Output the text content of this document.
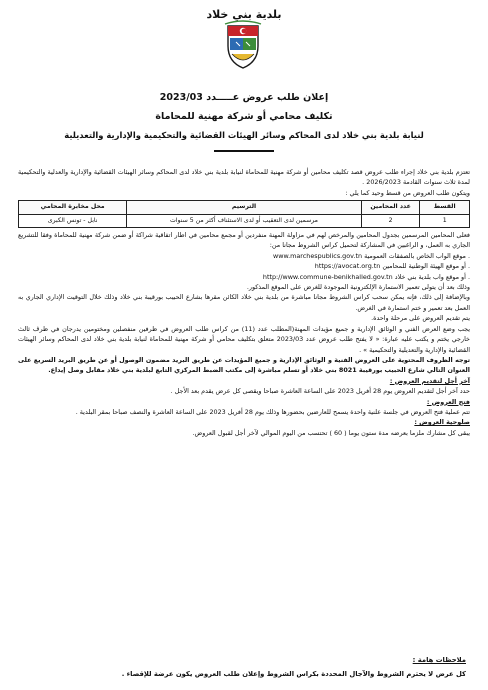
بلدية بني خلاد
إعلان طلب عروض عـــــدد 2023/03
تكليف محامي أو شركة مهنية للمحاماة
لنيابة بلدية بني خلاد لدى المحاكم وسائر الهيئات القضائية والتحكيمية والإدارية والتعديلية

تعتزم بلدية بني خلاد إجراء طلب عروض قصد تكليف محامين أو شركة مهنية للمحاماة لنيابة بلدية بني خلاد لدى المحاكم وسائر الهيئات القضائية والإدارية والعدلية والتحكيمية لمدة ثلاث سنوات القادمة 2026/2023 .

ويتكون طلب العروض من قسط وحيد كما يلي :

القسط	عدد المحامين	الترسيم	محل مخابرة المحامي
1	2	مرسمين لدى التعقيب أو لدى الاستئناف أكثر من 5 سنوات	نابل - تونس الكبرى

فعلى المحامين المرسمين بجدول المحامين والمرخص لهم في مزاولة المهنة منفردين أو مجمع محامين في اطار اتفاقية شراكة أو ضمن شركة مهنية للمحاماة وفقا للتشريع الجاري به العمل، و الراغبين في المشاركة لتحميل كراس الشروط مجانا من:

. موقع الواب الخاص بالصفقات العمومية www.marchespublics.gov.tn

. أو موقع الهيئة الوطنية للمحامين https://avocat.org.tn

. أو موقع واب بلدية بني خلاد http://www.commune-benikhalled.gov.tn

وذلك بعد أن يتولى تعمير الاستمارة الإلكترونية الموجودة للغرض على الموقع المذكور.

وبالإضافة إلى ذلك، فإنه يمكن سحب كراس الشروط مجانا مباشرة من بلدية بني خلاد الكائن مقرها بشارع الحبيب بورقيبة بني خلاد وذلك خلال التوقيت الإداري الجاري به العمل بعد تعمير و ختم استمارة في الغرض.

يتم تقديم العروض على مرحلة واحدة.

يجب وضع العرض الفني و الوثائق الإدارية و جميع مؤيدات المهنة(المطلب عدد (11) من كراس طلب العروض في ظرفين منفصلين ومختومين يدرجان في ظرف ثالث خارجي يختم و يكتب عليه عبارة: « لا يفتح طلب عروض عدد 2023/03 متعلق بتكليف محامي أو شركة مهنية للمحاماة لنيابة بلدية بني خلاد لدى المحاكم وسائر الهيئات القضائية والإدارية والتعديلية والتحكيمية » .

توجه الظروف المحتوية على العروض الفنية و الوثائق الإدارية و جميع المؤيدات عن طريق البريد مضمون الوصول أو عن طريق البريد السريع على العنوان التالي شارع الحبيب بورقيبة 8021 بني خلاد أو تسلم مباشرة إلى مكتب الضبط المركزي التابع لبلدية بني خلاد مقابل وصل إيداع.

آخر أجل لتقديم العروض :

حدد آخر أجل لتقديم العروض يوم 28 أفريل 2023 على الساعة العاشرة صباحا ويقصى كل عرض يقدم بعد الأجل .

فتح العروض :

تتم عملية فتح العروض في جلسة علنية واحدة يسمح للعارضين بحضورها وذلك يوم 28 أفريل 2023 على الساعة العاشرة والنصف صباحا بمقر البلدية .

صلوحية العروض :

يبقى كل مشارك ملزما بعرضه مدة ستون يوما ( 60 ) تحتسب من اليوم الموالي لآخر أجل لقبول العروض.

ملاحظات هامة :
كل عرض لا يحترم الشروط والآجال المحددة بكراس الشروط وإعلان طلب العروض يكون عرضة للإقصاء .
